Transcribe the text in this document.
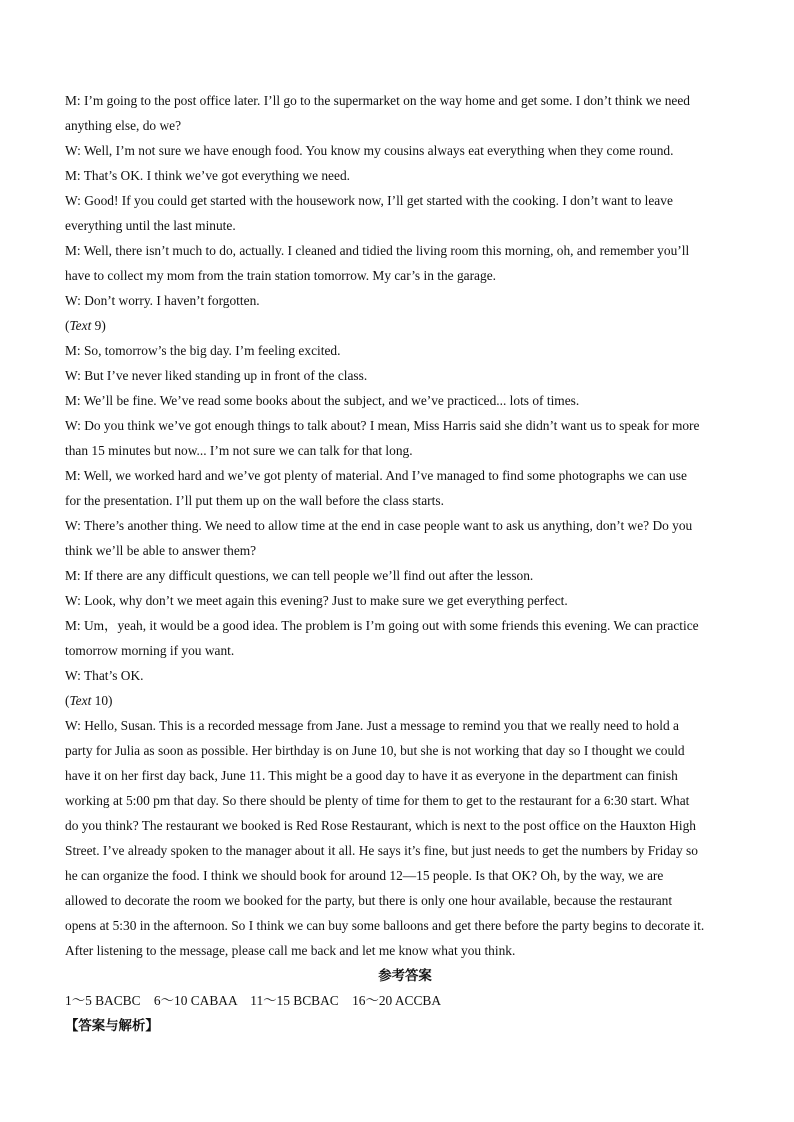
M: I’m going to the post office later. I’ll go to the supermarket on the way home and get some. I don’t think we need
anything else, do we?
W: Well, I’m not sure we have enough food. You know my cousins always eat everything when they come round.
M: That’s OK. I think we’ve got everything we need.
W: Good! If you could get started with the housework now, I’ll get started with the cooking. I don’t want to leave
everything until the last minute.
M: Well, there isn’t much to do, actually. I cleaned and tidied the living room this morning, oh, and remember you’ll
have to collect my mom from the train station tomorrow. My car’s in the garage.
W: Don’t worry. I haven’t forgotten.
(Text 9)
M: So, tomorrow’s the big day. I’m feeling excited.
W: But I’ve never liked standing up in front of the class.
M: We’ll be fine. We’ve read some books about the subject, and we’ve practiced... lots of times.
W: Do you think we’ve got enough things to talk about? I mean, Miss Harris said she didn’t want us to speak for more
than 15 minutes but now... I’m not sure we can talk for that long.
M: Well, we worked hard and we’ve got plenty of material. And I’ve managed to find some photographs we can use
for the presentation. I’ll put them up on the wall before the class starts.
W: There’s another thing. We need to allow time at the end in case people want to ask us anything, don’t we? Do you
think we’ll be able to answer them?
M: If there are any difficult questions, we can tell people we’ll find out after the lesson.
W: Look, why don’t we meet again this evening? Just to make sure we get everything perfect.
M: Um，yeah, it would be a good idea. The problem is I’m going out with some friends this evening. We can practice
tomorrow morning if you want.
W: That’s OK.
(Text 10)
W: Hello, Susan. This is a recorded message from Jane. Just a message to remind you that we really need to hold a
party for Julia as soon as possible. Her birthday is on June 10, but she is not working that day so I thought we could
have it on her first day back, June 11. This might be a good day to have it as everyone in the department can finish
working at 5:00 pm that day. So there should be plenty of time for them to get to the restaurant for a 6:30 start. What
do you think? The restaurant we booked is Red Rose Restaurant, which is next to the post office on the Hauxton High
Street. I’ve already spoken to the manager about it all. He says it’s fine, but just needs to get the numbers by Friday so
he can organize the food. I think we should book for around 12—15 people. Is that OK? Oh, by the way, we are
allowed to decorate the room we booked for the party, but there is only one hour available, because the restaurant
opens at 5:30 in the afternoon. So I think we can buy some balloons and get there before the party begins to decorate it.
After listening to the message, please call me back and let me know what you think.
参考答案
1～5 BACBC    6～10 CABAA    11～15 BCBAC    16～20 ACCBA
【答案与解析】
